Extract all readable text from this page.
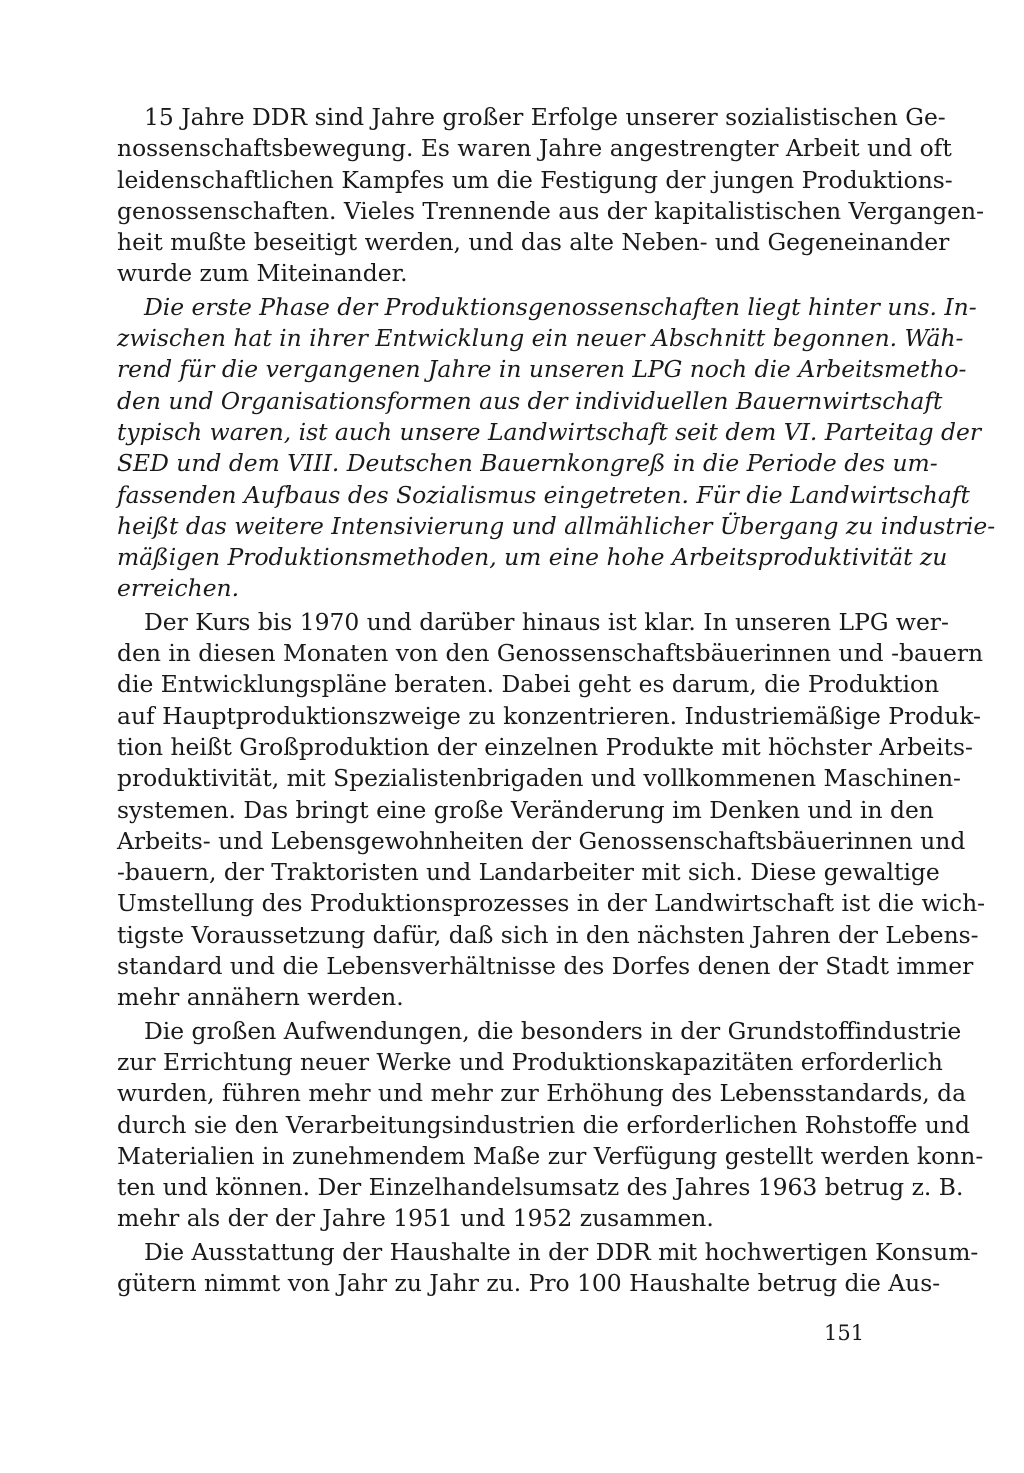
15 Jahre DDR sind Jahre großer Erfolge unserer sozialistischen Ge-
nossenschaftsbewegung. Es waren Jahre angestrengter Arbeit und oft
leidenschaftlichen Kampfes um die Festigung der jungen Produktions-
genossenschaften. Vieles Trennende aus der kapitalistischen Vergangen-
heit mußte beseitigt werden, und das alte Neben- und Gegeneinander
wurde zum Miteinander.
Die erste Phase der Produktionsgenossenschaften liegt hinter uns. In-
zwischen hat in ihrer Entwicklung ein neuer Abschnitt begonnen. Wäh-
rend für die vergangenen Jahre in unseren LPG noch die Arbeitsmetho-
den und Organisationsformen aus der individuellen Bauernwirtschaft
typisch waren, ist auch unsere Landwirtschaft seit dem VI. Parteitag der
SED und dem VIII. Deutschen Bauernkongreß in die Periode des um-
fassenden Aufbaus des Sozialismus eingetreten. Für die Landwirtschaft
heißt das weitere Intensivierung und allmählicher Übergang zu industrie-
mäßigen Produktionsmethoden, um eine hohe Arbeitsproduktivität zu
erreichen.
Der Kurs bis 1970 und darüber hinaus ist klar. In unseren LPG wer-
den in diesen Monaten von den Genossenschaftsbäuerinnen und -bauern
die Entwicklungspläne beraten. Dabei geht es darum, die Produktion
auf Hauptproduktionszweige zu konzentrieren. Industriemäßige Produk-
tion heißt Großproduktion der einzelnen Produkte mit höchster Arbeits-
produktivität, mit Spezialistenbrigaden und vollkommenen Maschinen-
systemen. Das bringt eine große Veränderung im Denken und in den
Arbeits- und Lebensgewohnheiten der Genossenschaftsbäuerinnen und
-bauern, der Traktoristen und Landarbeiter mit sich. Diese gewaltige
Umstellung des Produktionsprozesses in der Landwirtschaft ist die wich-
tigste Voraussetzung dafür, daß sich in den nächsten Jahren der Lebens-
standard und die Lebensverhältnisse des Dorfes denen der Stadt immer
mehr annähern werden.
Die großen Aufwendungen, die besonders in der Grundstoffindustrie
zur Errichtung neuer Werke und Produktionskapazitäten erforderlich
wurden, führen mehr und mehr zur Erhöhung des Lebensstandards, da
durch sie den Verarbeitungsindustrien die erforderlichen Rohstoffe und
Materialien in zunehmendem Maße zur Verfügung gestellt werden konn-
ten und können. Der Einzelhandelsumsatz des Jahres 1963 betrug z. B.
mehr als der der Jahre 1951 und 1952 zusammen.
Die Ausstattung der Haushalte in der DDR mit hochwertigen Konsum-
gütern nimmt von Jahr zu Jahr zu. Pro 100 Haushalte betrug die Aus-
151
